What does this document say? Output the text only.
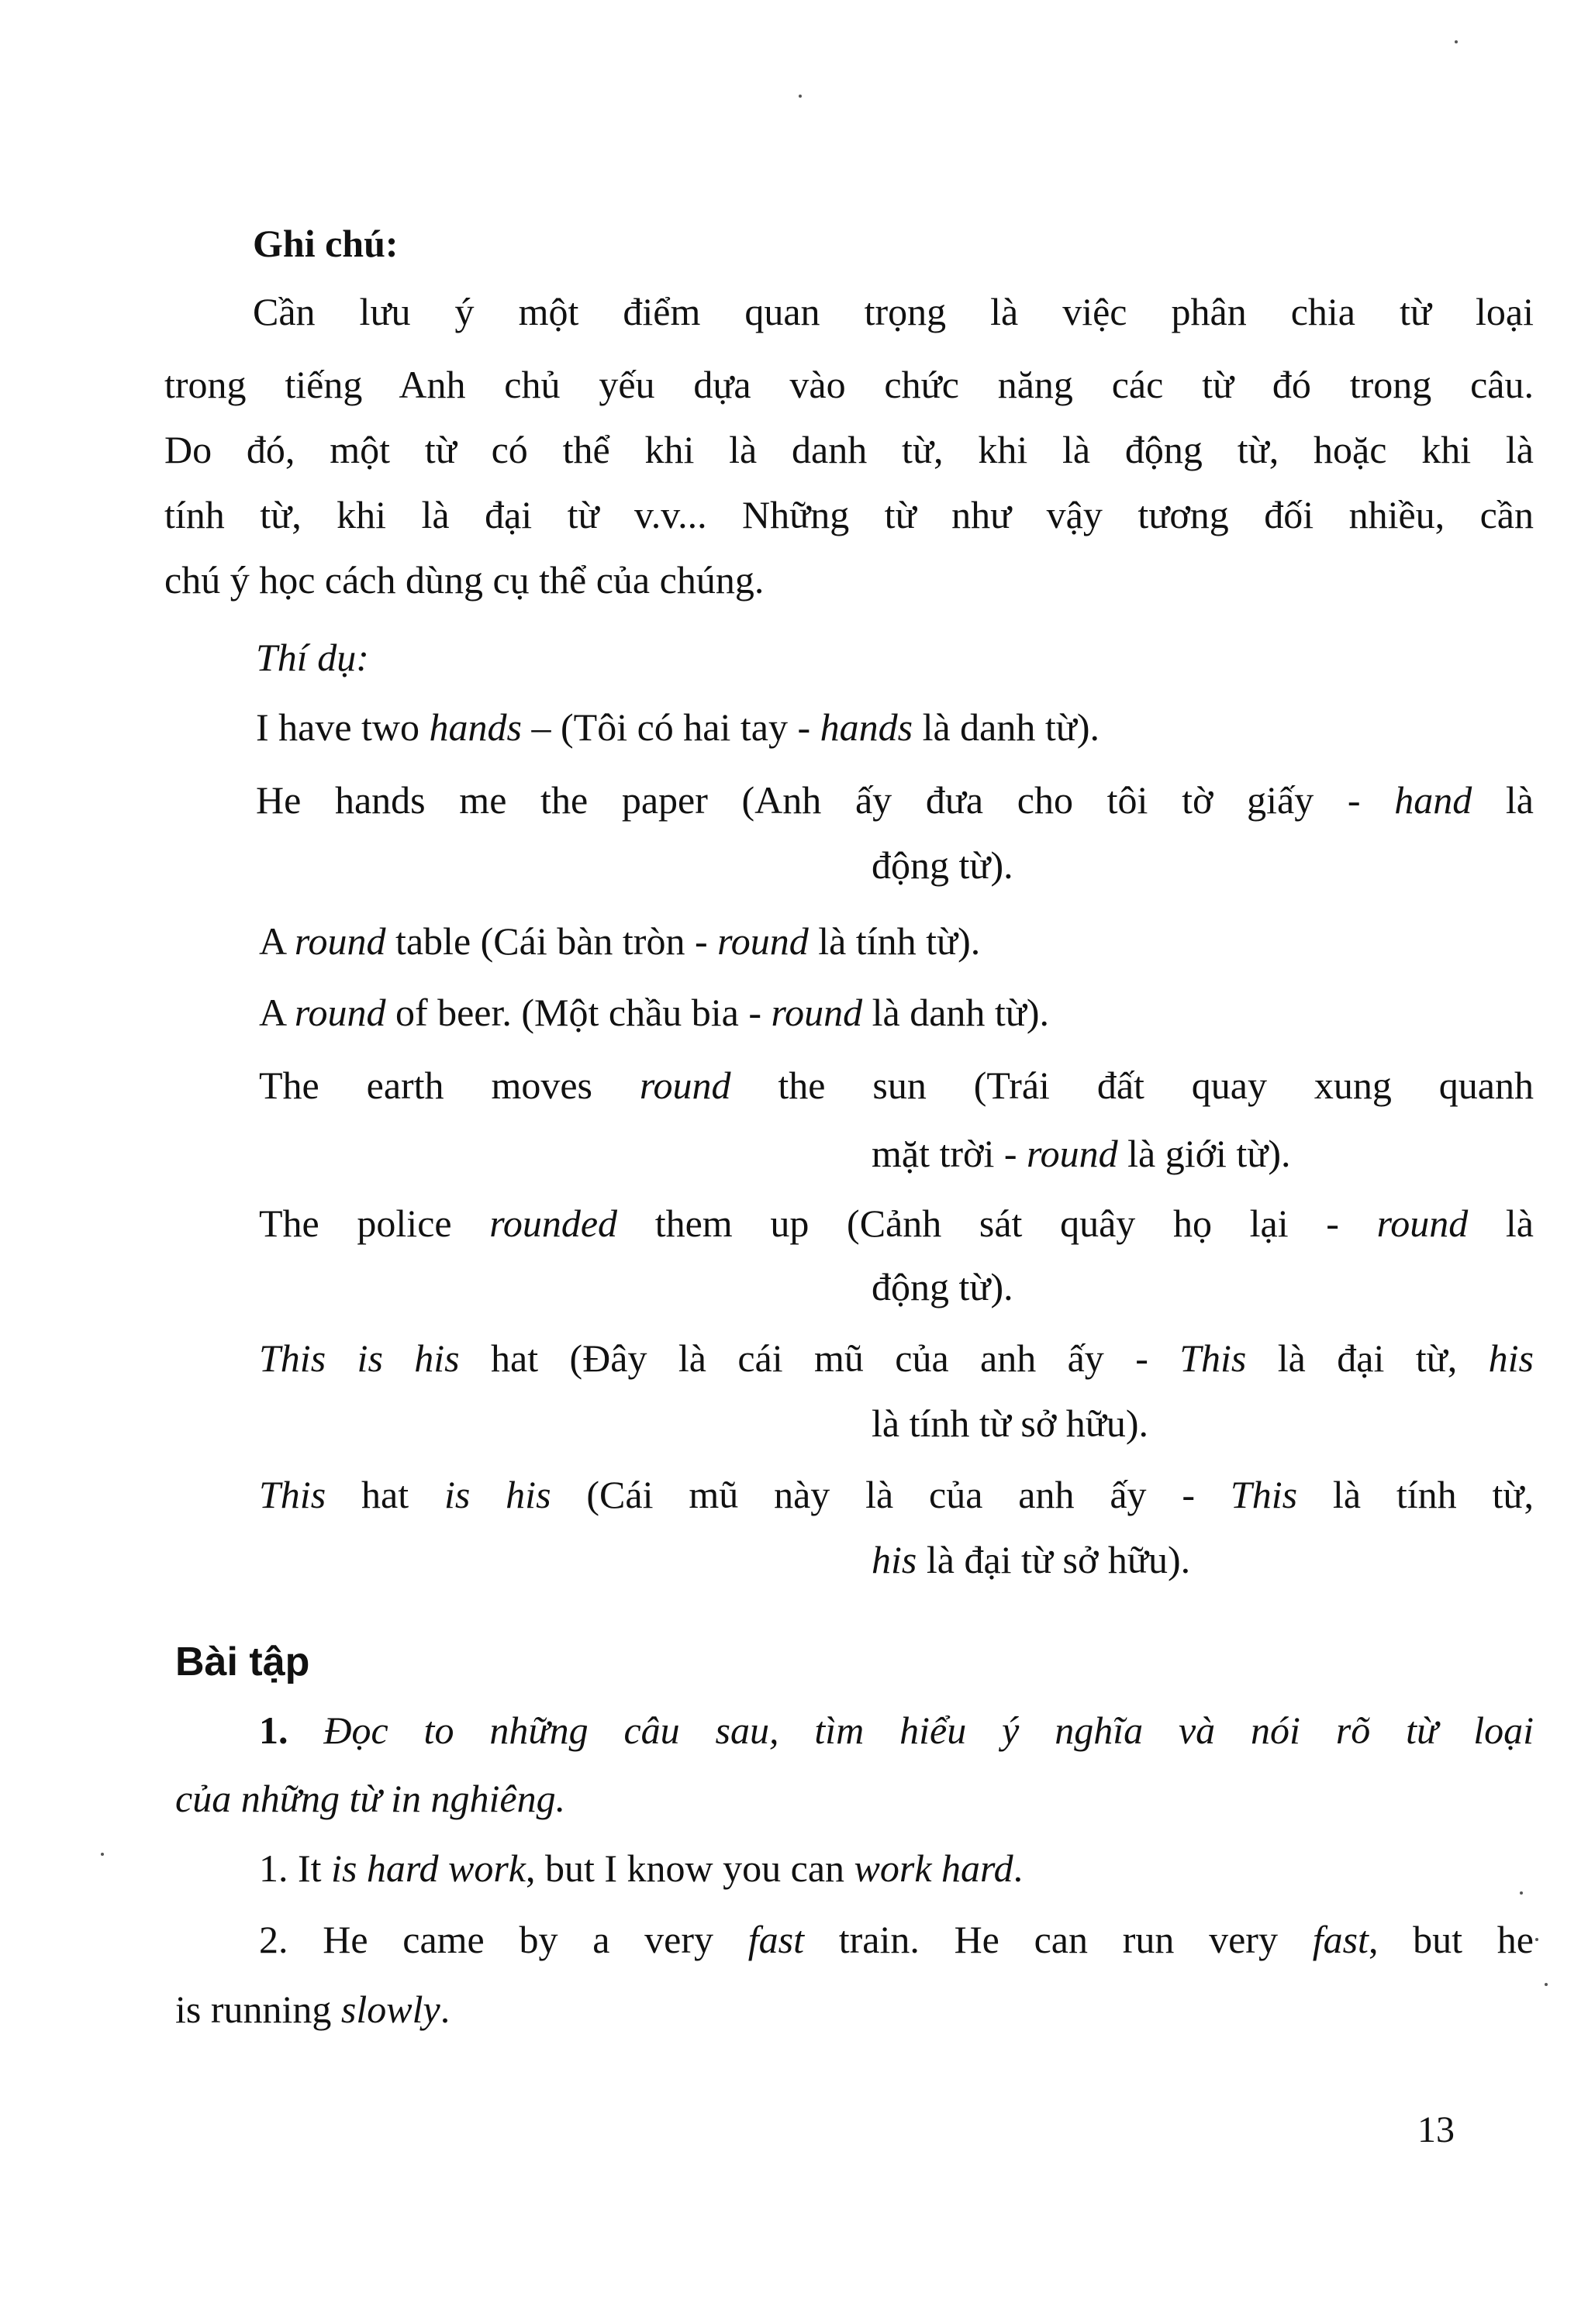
Ghi chú:
Cần lưu ý một điểm quan trọng là việc phân chia từ loại
trong tiếng Anh chủ yếu dựa vào chức năng các từ đó trong câu.
Do đó, một từ có thể khi là danh từ, khi là động từ, hoặc khi là
tính từ, khi là đại từ v.v... Những từ như vậy tương đối nhiều, cần
chú ý học cách dùng cụ thể của chúng.
Thí dụ:
I have two hands – (Tôi có hai tay - hands là danh từ).
He hands me the paper (Anh ấy đưa cho tôi tờ giấy - hand là
động từ).
A round table (Cái bàn tròn - round là tính từ).
A round of beer. (Một chầu bia - round là danh từ).
The earth moves round the sun (Trái đất quay xung quanh
mặt trời - round là giới từ).
The police rounded them up (Cảnh sát quây họ lại - round là
động từ).
This is his hat (Đây là cái mũ của anh ấy - This là đại từ, his
là tính từ sở hữu).
This hat is his (Cái mũ này là của anh ấy - This là tính từ,
his là đại từ sở hữu).
Bài tập
1. Đọc to những câu sau, tìm hiểu ý nghĩa và nói rõ từ loại
của những từ in nghiêng.
1. It is hard work, but I know you can work hard.
2. He came by a very fast train. He can run very fast, but he
is running slowly.
13
